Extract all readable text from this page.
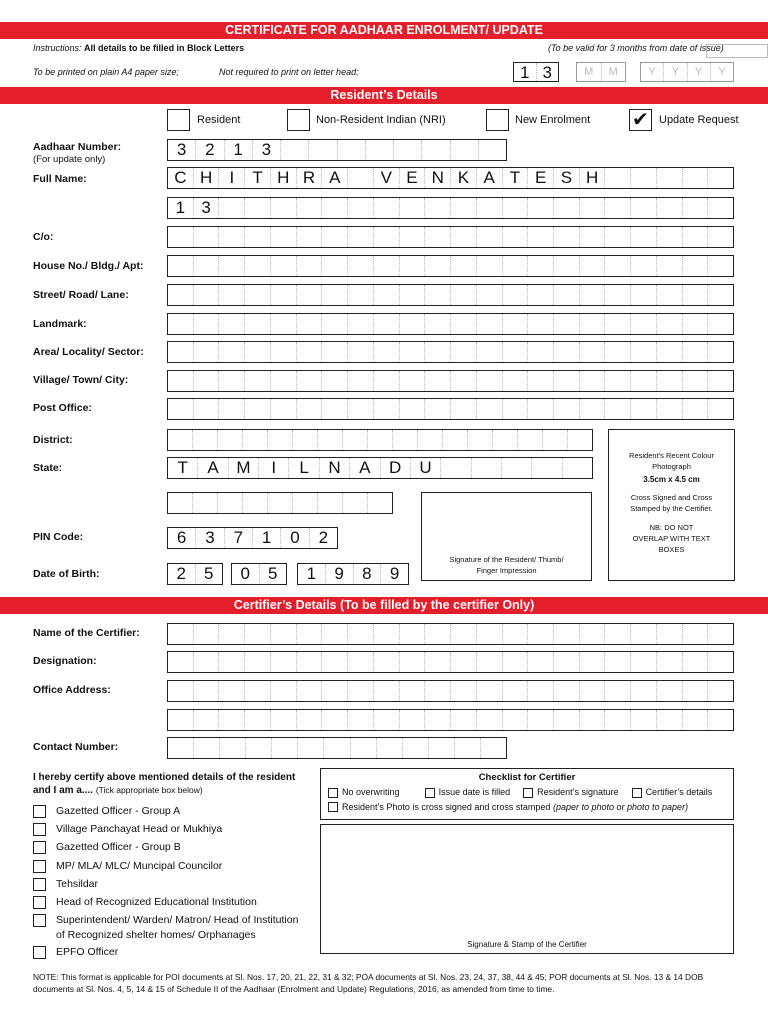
CERTIFICATE FOR AADHAAR ENROLMENT/ UPDATE
Instructions: All details to be filled in Block Letters	(To be valid for 3 months from date of issue)
To be printed on plain A4 paper size;	Not required to print on letter head;	1 3	M	M	Y	Y	Y	Y
Resident’s Details
Resident	Non-Resident Indian (NRI)	New Enrolment ✔ Update Request
Aadhaar Number:
(For update only)
3	2	1	3
Full Name:	C H	I	T H R A	V E N K A T E S H
1 3
C/o:
House No./ Bldg./ Apt:
Street/ Road/ Lane:
Landmark:
Area/ Locality/ Sector:
Village/ Town/ City:
Post Office:
District:
State:	T	A	M	I	L	N	A	D	U
Resident’s Recent Colour Photograph
3.5cm x 4.5 cm
Cross Signed and Cross Stamped by the Certifier.
NB: DO NOT OVERLAP WITH TEXT BOXES
Signature of the Resident/ Thumb/ Finger Impression
PIN Code:	6	3	7	1	0	2
Date of Birth:	2	5	0	5	1	9	8	9
Certifier’s Details (To be filled by the certifier Only)
Name of the Certifier:
Designation:
Office Address:
Contact Number:
I hereby certify above mentioned details of the resident and I am a.... (Tick appropriate box below)
Gazetted Officer - Group A
Village Panchayat Head or Mukhiya
Gazetted Officer - Group B
MP/ MLA/ MLC/ Muncipal Councilor
Tehsildar
Head of Recognized Educational Institution
Superintendent/ Warden/ Matron/ Head of Institution
of Recognized shelter homes/ Orphanages
EPFO Officer
Checklist for Certifier
No overwriting	Issue date is filled	Resident’s signature	Certifier’s details
Resident’s Photo is cross signed and cross stamped (paper to photo or photo to paper)
Signature & Stamp of the Certifier
NOTE: This format is applicable for POI documents at Sl. Nos. 17, 20, 21, 22, 31 & 32; POA documents at Sl. Nos. 23, 24, 37, 38, 44 & 45; POR documents at Sl. Nos. 13 & 14 DOB documents at Sl. Nos. 4, 5, 14 & 15 of Schedule II of the Aadhaar (Enrolment and Update) Regulations, 2016, as amended from time to time.
